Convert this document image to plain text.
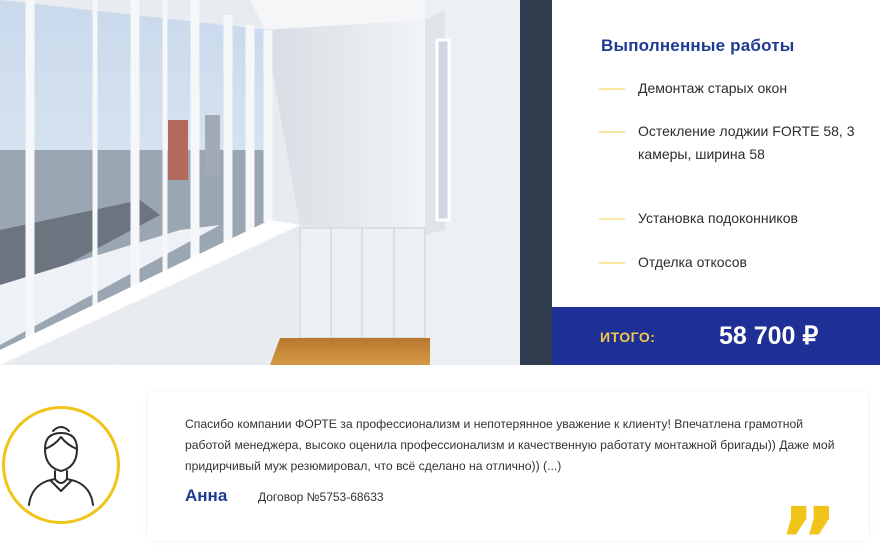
Выполненные работы
Демонтаж старых окон
Остекление лоджии FORTE 58, 3 камеры, ширина 58
Установка подоконников
Отделка откосов
ИТОГО:	58 700 ₽
Спасибо компании ФОРТЕ за профессионализм и непотерянное уважение к клиенту! Впечатлена грамотной работой менеджера, высоко оценила профессионализм и качественную работату монтажной бригады)) Даже мой придирчивый муж резюмировал, что всё сделано на отлично)) (...)
Анна	Договор №5753-68633	”
